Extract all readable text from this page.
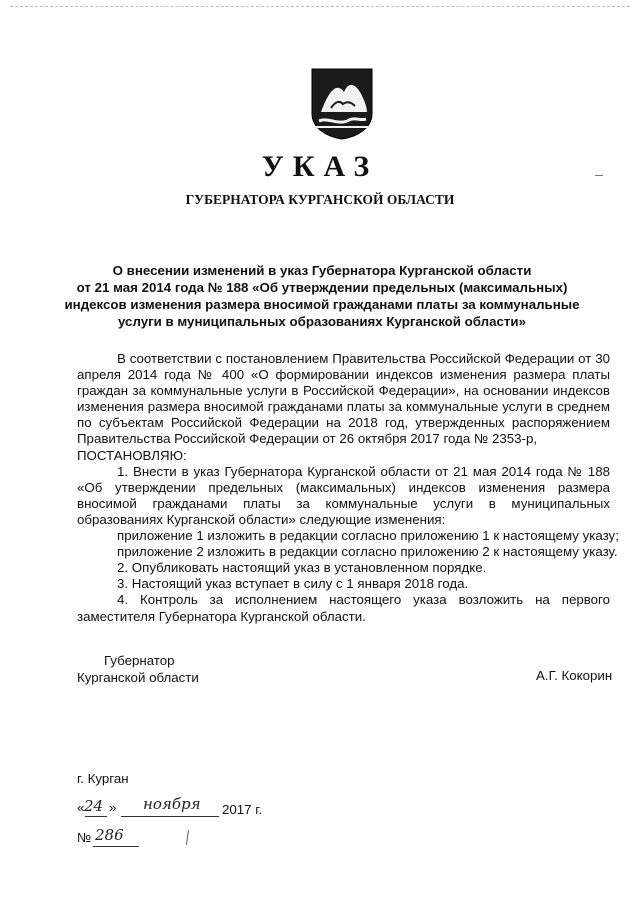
УКАЗ
ГУБЕРНАТОРА КУРГАНСКОЙ ОБЛАСТИ
О внесении изменений в указ Губернатора Курганской области
от 21 мая 2014 года № 188 «Об утверждении предельных (максимальных)
индексов изменения размера вносимой гражданами платы за коммунальные
услуги в муниципальных образованиях Курганской области»
В соответствии с постановлением Правительства Российской Федерации от 30 апреля 2014 года № 400 «О формировании индексов изменения размера платы граждан за коммунальные услуги в Российской Федерации», на основании индексов изменения размера вносимой гражданами платы за коммунальные услуги в среднем по субъектам Российской Федерации на 2018 год, утвержденных распоряжением Правительства Российской Федерации от 26 октября 2017 года № 2353-р,
ПОСТАНОВЛЯЮ:
1. Внести в указ Губернатора Курганской области от 21 мая 2014 года № 188 «Об утверждении предельных (максимальных) индексов изменения размера вносимой гражданами платы за коммунальные услуги в муниципальных образованиях Курганской области» следующие изменения:
приложение 1 изложить в редакции согласно приложению 1 к настоящему указу;
приложение 2 изложить в редакции согласно приложению 2 к настоящему указу.
2. Опубликовать настоящий указ в установленном порядке.
3. Настоящий указ вступает в силу с 1 января 2018 года.
4. Контроль за исполнением настоящего указа возложить на первого заместителя Губернатора Курганской области.
Губернатор
Курганской области	А.Г. Кокорин
г. Курган
« 24 » ноября 2017 г.
№ 286
